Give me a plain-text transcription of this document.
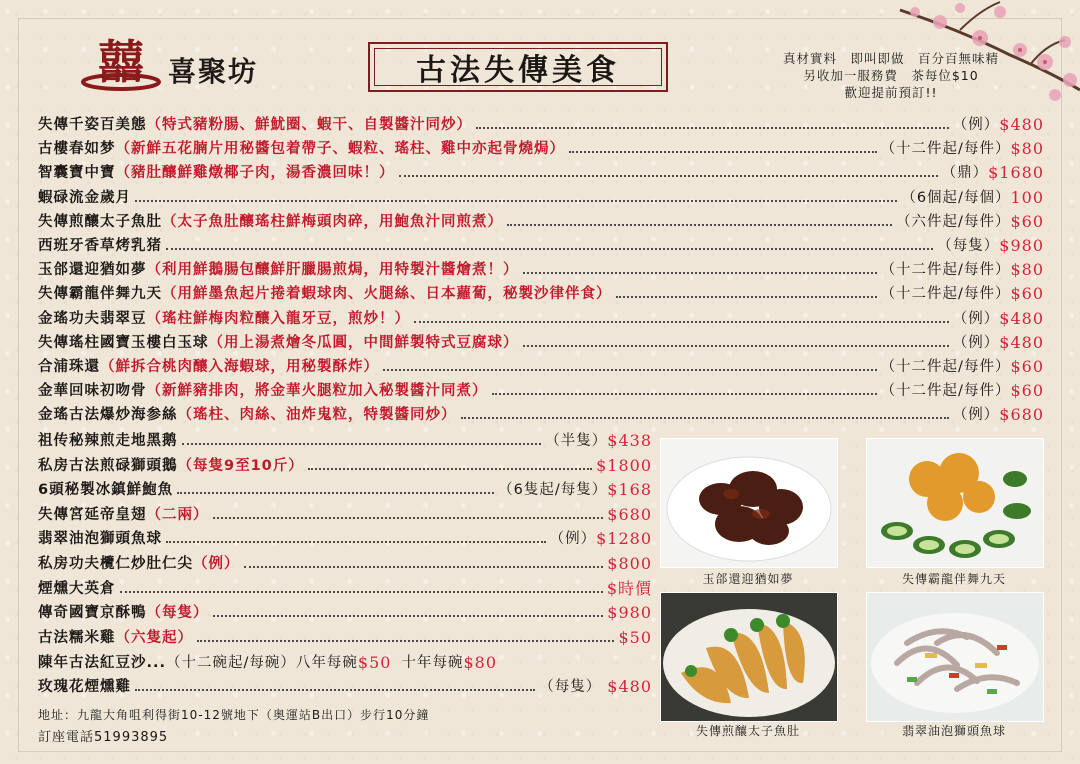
囍 喜聚坊	古法失傳美食	真材實料　即叫即做　百分百無味精
另收加一服務費　茶每位$10
歡迎提前預訂!!
失傳千姿百美態 （特式豬粉腸、鮮魷圈、蝦干、自製醬汁同炒）	（例） $480
古樓春如梦 （新鮮五花腩片用秘醬包着帶子、蝦粒、瑤柱、雞中亦起骨燒焗）	（十二件起/每件） $80
智囊寶中寶 （豬肚釀鮮雞燉椰子肉，湯香濃回味！）	（鼎） $1680
蝦碌流金歲月	（6個起/每個） 100
失傳煎釀太子魚肚 （太子魚肚釀瑤柱鮮梅頭肉碎，用鮑魚汁同煎煮）	（六件起/每件） $60
西班牙香草烤乳猪	（每隻） $980
玉郃還迎猶如夢 （利用鮮鵝腸包釀鮮肝臘腸煎焗，用特製汁醬燴煮！）	（十二件起/每件） $80
失傳霸龍伴舞九天 （用鮮墨魚起片捲着蝦球肉、火腿絲、日本蘿蔔，秘製沙律伴食）	（十二件起/每件） $60
金瑤功夫翡翠豆 （瑤柱鮮梅肉粒釀入龍牙豆，煎炒！）	（例） $480
失傳瑤柱國寶玉樓白玉球 （用上湯煮燴冬瓜圓，中間鮮製特式豆腐球）	（例） $480
合浦珠還 （鮮拆合桃肉釀入海蝦球，用秘製酥炸）	（十二件起/每件） $60
金華回味初吻骨 （新鮮豬排肉，將金華火腿粒加入秘製醬汁同煮）	（十二件起/每件） $60
金瑤古法爆炒海参絲 （瑤柱、肉絲、油炸鬼粒，特製醬同炒）	（例） $680
祖传秘辣煎走地黑鹅	（半隻） $438
私房古法煎碌獅頭鵝 （每隻9至10斤）	$1800
6頭秘製冰鎮鮮鮑魚	（6隻起/每隻） $168
失傳宮延帝皇翅 （二兩）	$680
翡翠油泡獅頭魚球	（例） $1280
私房功夫欖仁炒肚仁尖 （例）	$800
煙燻大英倉	$時價
傳奇國寶京酥鴨 （每隻）	$980
古法糯米雞 （六隻起）	$50
陳年古法紅豆沙... （十二碗起/每碗）八年每碗 $50 十年每碗 $80
玫瑰花煙燻雞	（每隻） $480
地址：九龍大角咀利得街10-12號地下（奥運站B出口）步行10分鐘
訂座電話51993895
玉郃還迎猶如夢	失傳霸龍伴舞九天
失傳煎釀太子魚肚	翡翠油泡獅頭魚球
